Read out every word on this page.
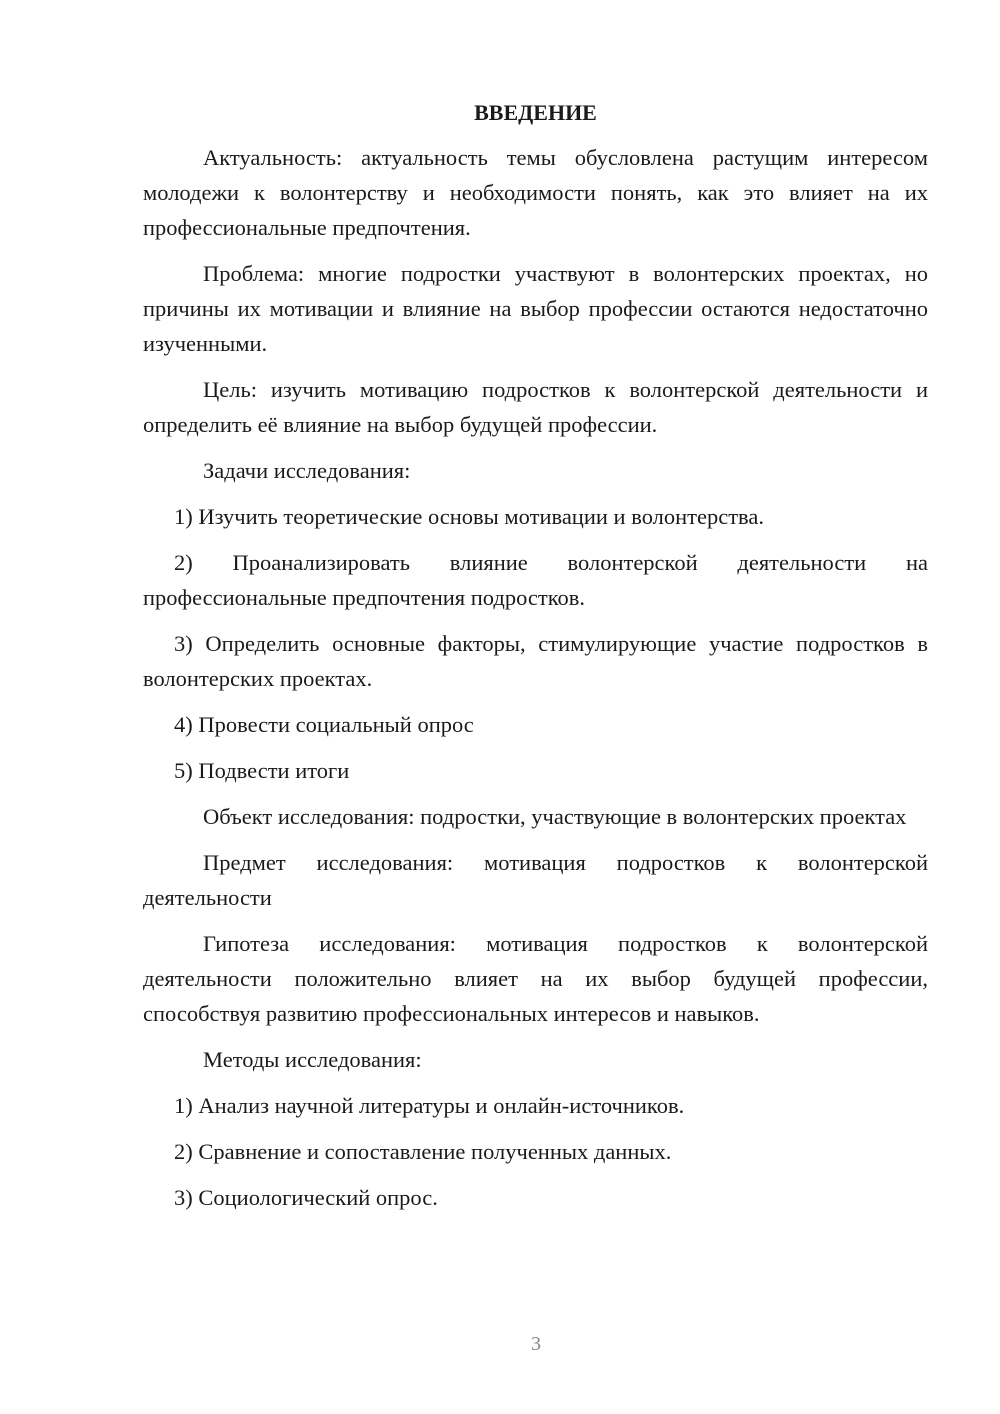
ВВЕДЕНИЕ

Актуальность: актуальность темы обусловлена растущим интересом молодежи к волонтерству и необходимости понять, как это влияет на их профессиональные предпочтения.

Проблема: многие подростки участвуют в волонтерских проектах, но причины их мотивации и влияние на выбор профессии остаются недостаточно изученными.

Цель: изучить мотивацию подростков к волонтерской деятельности и определить её влияние на выбор будущей профессии.

Задачи исследования:

1) Изучить теоретические основы мотивации и волонтерства.

2) Проанализировать влияние волонтерской деятельности на профессиональные предпочтения подростков.

3) Определить основные факторы, стимулирующие участие подростков в волонтерских проектах.

4) Провести социальный опрос

5) Подвести итоги

Объект исследования: подростки, участвующие в волонтерских проектах

Предмет исследования: мотивация подростков к волонтерской деятельности

Гипотеза исследования: мотивация подростков к волонтерской деятельности положительно влияет на их выбор будущей профессии, способствуя развитию профессиональных интересов и навыков.

Методы исследования:

1) Анализ научной литературы и онлайн-источников.

2) Сравнение и сопоставление полученных данных.

3) Социологический опрос.

3
